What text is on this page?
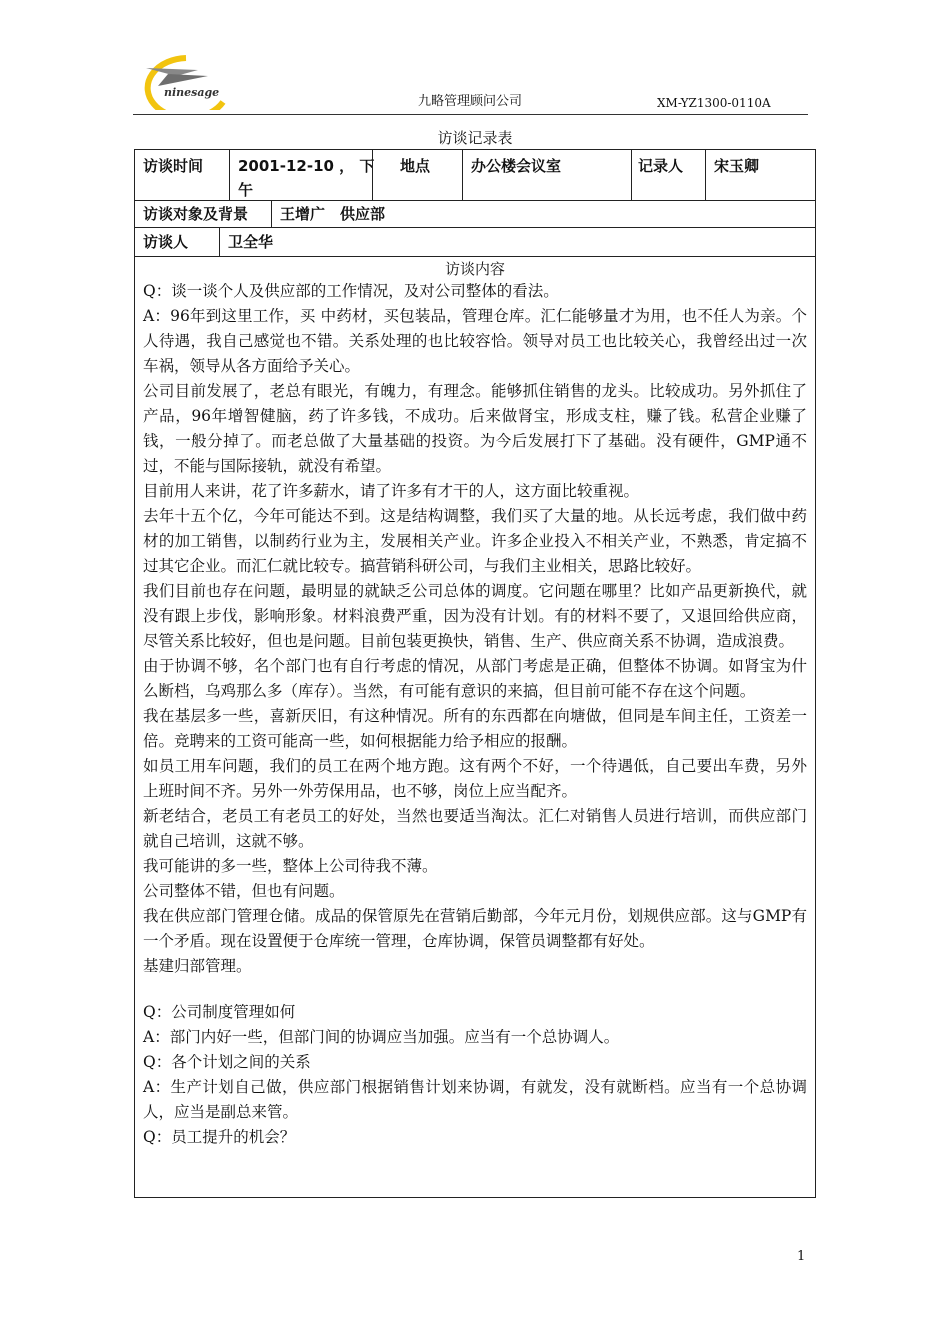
ninesage
九略管理顾问公司	XM-YZ1300-0110A
访谈记录表
访谈时间	2001-12-10 ， 下
午
地点	办公楼会议室	记录人	宋玉卿
访谈对象及背景	王增广　供应部
访谈人	卫全华
访谈内容

Q：谈一谈个人及供应部的工作情况，及对公司整体的看法。

A：96年到这里工作，买 中药材，买包装品，管理仓库。汇仁能够量才为用，也不任人为亲。个人待遇，我自己感觉也不错。关系处理的也比较容恰。领导对员工也比较关心，我曾经出过一次车祸，领导从各方面给予关心。

公司目前发展了，老总有眼光，有魄力，有理念。能够抓住销售的龙头。比较成功。另外抓住了产品，96年增智健脑，药了许多钱，不成功。后来做肾宝，形成支柱，赚了钱。私营企业赚了钱，一般分掉了。而老总做了大量基础的投资。为今后发展打下了基础。没有硬件，GMP通不过，不能与国际接轨，就没有希望。

目前用人来讲，花了许多薪水，请了许多有才干的人，这方面比较重视。

去年十五个亿，今年可能达不到。这是结构调整，我们买了大量的地。从长远考虑，我们做中药材的加工销售，以制药行业为主，发展相关产业。许多企业投入不相关产业，不熟悉，肯定搞不过其它企业。而汇仁就比较专。搞营销科研公司，与我们主业相关，思路比较好。

我们目前也存在问题，最明显的就缺乏公司总体的调度。它问题在哪里？比如产品更新换代，就没有跟上步伐，影响形象。材料浪费严重，因为没有计划。有的材料不要了，又退回给供应商，尽管关系比较好，但也是问题。目前包装更换快，销售、生产、供应商关系不协调，造成浪费。

由于协调不够，名个部门也有自行考虑的情况，从部门考虑是正确，但整体不协调。如肾宝为什么断档，乌鸡那么多（库存）。当然，有可能有意识的来搞，但目前可能不存在这个问题。

我在基层多一些，喜新厌旧，有这种情况。所有的东西都在向塘做，但同是车间主任，工资差一倍。竞聘来的工资可能高一些，如何根据能力给予相应的报酬。

如员工用车问题，我们的员工在两个地方跑。这有两个不好，一个待遇低，自己要出车费，另外上班时间不齐。另外一外劳保用品，也不够，岗位上应当配齐。

新老结合，老员工有老员工的好处，当然也要适当淘汰。汇仁对销售人员进行培训，而供应部门就自己培训，这就不够。

我可能讲的多一些，整体上公司待我不薄。

公司整体不错，但也有问题。

我在供应部门管理仓储。成品的保管原先在营销后勤部，今年元月份，划规供应部。这与GMP有一个矛盾。现在设置便于仓库统一管理，仓库协调，保管员调整都有好处。

基建归部管理。

Q：公司制度管理如何

A：部门内好一些，但部门间的协调应当加强。应当有一个总协调人。

Q：各个计划之间的关系

A：生产计划自己做，供应部门根据销售计划来协调，有就发，没有就断档。应当有一个总协调人，应当是副总来管。

Q：员工提升的机会？

1
